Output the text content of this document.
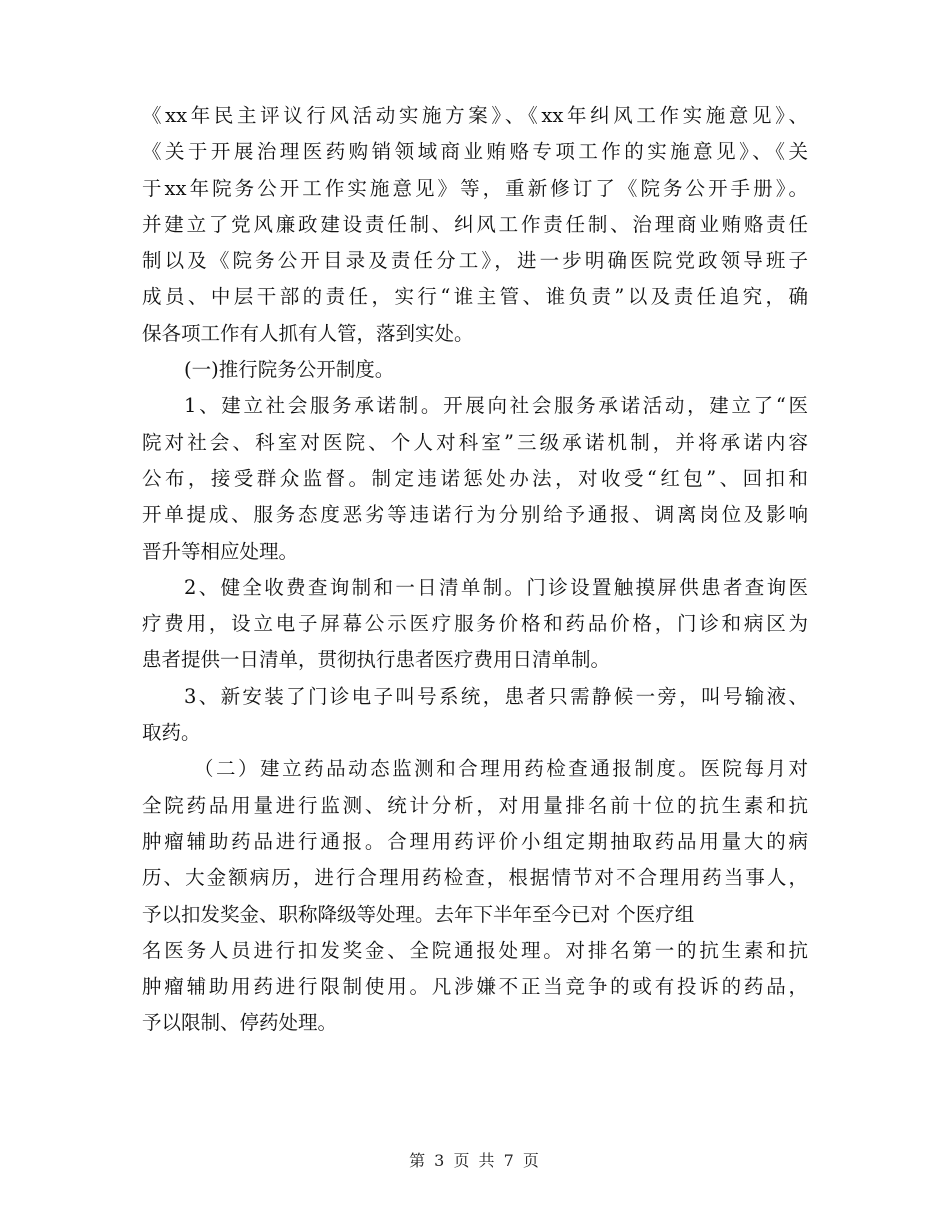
《xx年民主评议行风活动实施方案》、《xx年纠风工作实施意见》、
《关于开展治理医药购销领域商业贿赂专项工作的实施意见》、《关
于xx年院务公开工作实施意见》等，重新修订了《院务公开手册》。
并建立了党风廉政建设责任制、纠风工作责任制、治理商业贿赂责任
制以及《院务公开目录及责任分工》，进一步明确医院党政领导班子
成员、中层干部的责任，实行“谁主管、谁负责”以及责任追究，确
保各项工作有人抓有人管，落到实处。
(一)推行院务公开制度。
1、建立社会服务承诺制。开展向社会服务承诺活动，建立了“医
院对社会、科室对医院、个人对科室”三级承诺机制，并将承诺内容
公布，接受群众监督。制定违诺惩处办法，对收受“红包”、回扣和
开单提成、服务态度恶劣等违诺行为分别给予通报、调离岗位及影响
晋升等相应处理。
2、健全收费查询制和一日清单制。门诊设置触摸屏供患者查询医
疗费用，设立电子屏幕公示医疗服务价格和药品价格，门诊和病区为
患者提供一日清单，贯彻执行患者医疗费用日清单制。
3、新安装了门诊电子叫号系统，患者只需静候一旁，叫号输液、
取药。
（二）建立药品动态监测和合理用药检查通报制度。医院每月对
全院药品用量进行监测、统计分析，对用量排名前十位的抗生素和抗
肿瘤辅助药品进行通报。合理用药评价小组定期抽取药品用量大的病
历、大金额病历，进行合理用药检查，根据情节对不合理用药当事人，
予以扣发奖金、职称降级等处理。去年下半年至今已对 个医疗组
名医务人员进行扣发奖金、全院通报处理。对排名第一的抗生素和抗
肿瘤辅助用药进行限制使用。凡涉嫌不正当竞争的或有投诉的药品，
予以限制、停药处理。
第 3 页 共 7 页
